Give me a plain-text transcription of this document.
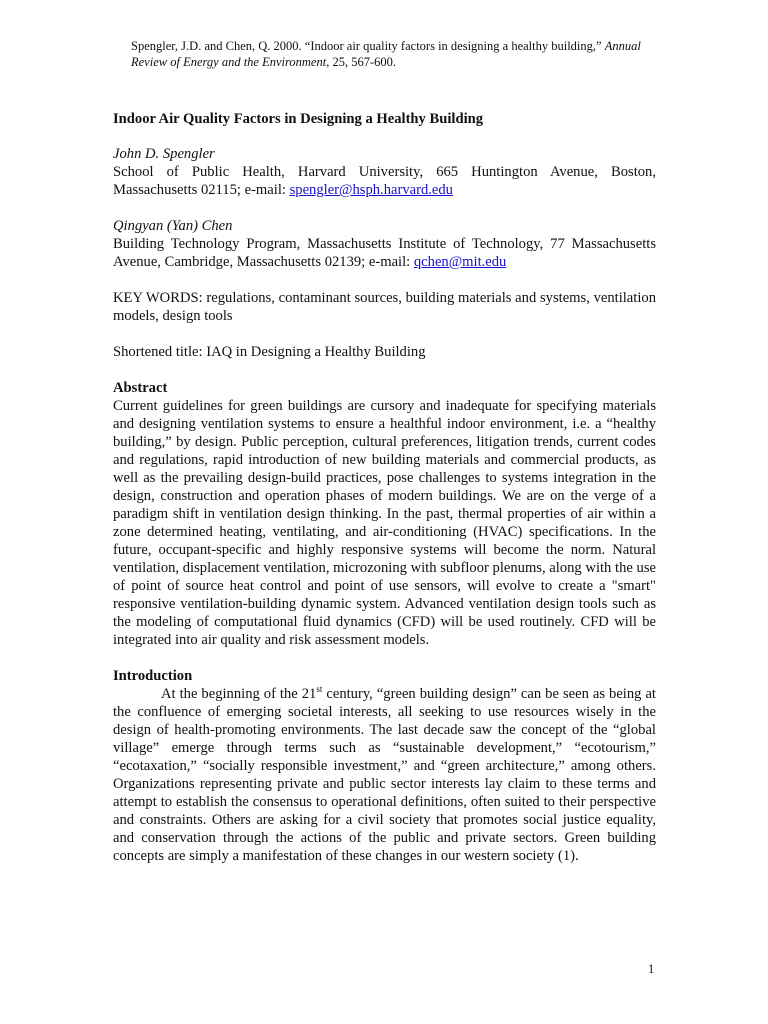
Spengler, J.D. and Chen, Q. 2000. “Indoor air quality factors in designing a healthy building,” Annual Review of Energy and the Environment, 25, 567-600.
Indoor Air Quality Factors in Designing a Healthy Building
John D. Spengler
School of Public Health, Harvard University, 665 Huntington Avenue, Boston, Massachusetts 02115; e-mail: spengler@hsph.harvard.edu
Qingyan (Yan) Chen
Building Technology Program, Massachusetts Institute of Technology, 77 Massachusetts Avenue, Cambridge, Massachusetts 02139; e-mail: qchen@mit.edu
KEY WORDS: regulations, contaminant sources, building materials and systems, ventilation models, design tools
Shortened title: IAQ in Designing a Healthy Building
Abstract
Current guidelines for green buildings are cursory and inadequate for specifying materials and designing ventilation systems to ensure a healthful indoor environment, i.e. a “healthy building,” by design. Public perception, cultural preferences, litigation trends, current codes and regulations, rapid introduction of new building materials and commercial products, as well as the prevailing design-build practices, pose challenges to systems integration in the design, construction and operation phases of modern buildings. We are on the verge of a paradigm shift in ventilation design thinking. In the past, thermal properties of air within a zone determined heating, ventilating, and air-conditioning (HVAC) specifications. In the future, occupant-specific and highly responsive systems will become the norm. Natural ventilation, displacement ventilation, microzoning with subfloor plenums, along with the use of point of source heat control and point of use sensors, will evolve to create a "smart" responsive ventilation-building dynamic system. Advanced ventilation design tools such as the modeling of computational fluid dynamics (CFD) will be used routinely. CFD will be integrated into air quality and risk assessment models.
Introduction
At the beginning of the 21st century, “green building design” can be seen as being at the confluence of emerging societal interests, all seeking to use resources wisely in the design of health-promoting environments. The last decade saw the concept of the “global village” emerge through terms such as “sustainable development,” “ecotourism,” “ecotaxation,” “socially responsible investment,” and “green architecture,” among others. Organizations representing private and public sector interests lay claim to these terms and attempt to establish the consensus to operational definitions, often suited to their perspective and constraints. Others are asking for a civil society that promotes social justice equality, and conservation through the actions of the public and private sectors. Green building concepts are simply a manifestation of these changes in our western society (1).
1
